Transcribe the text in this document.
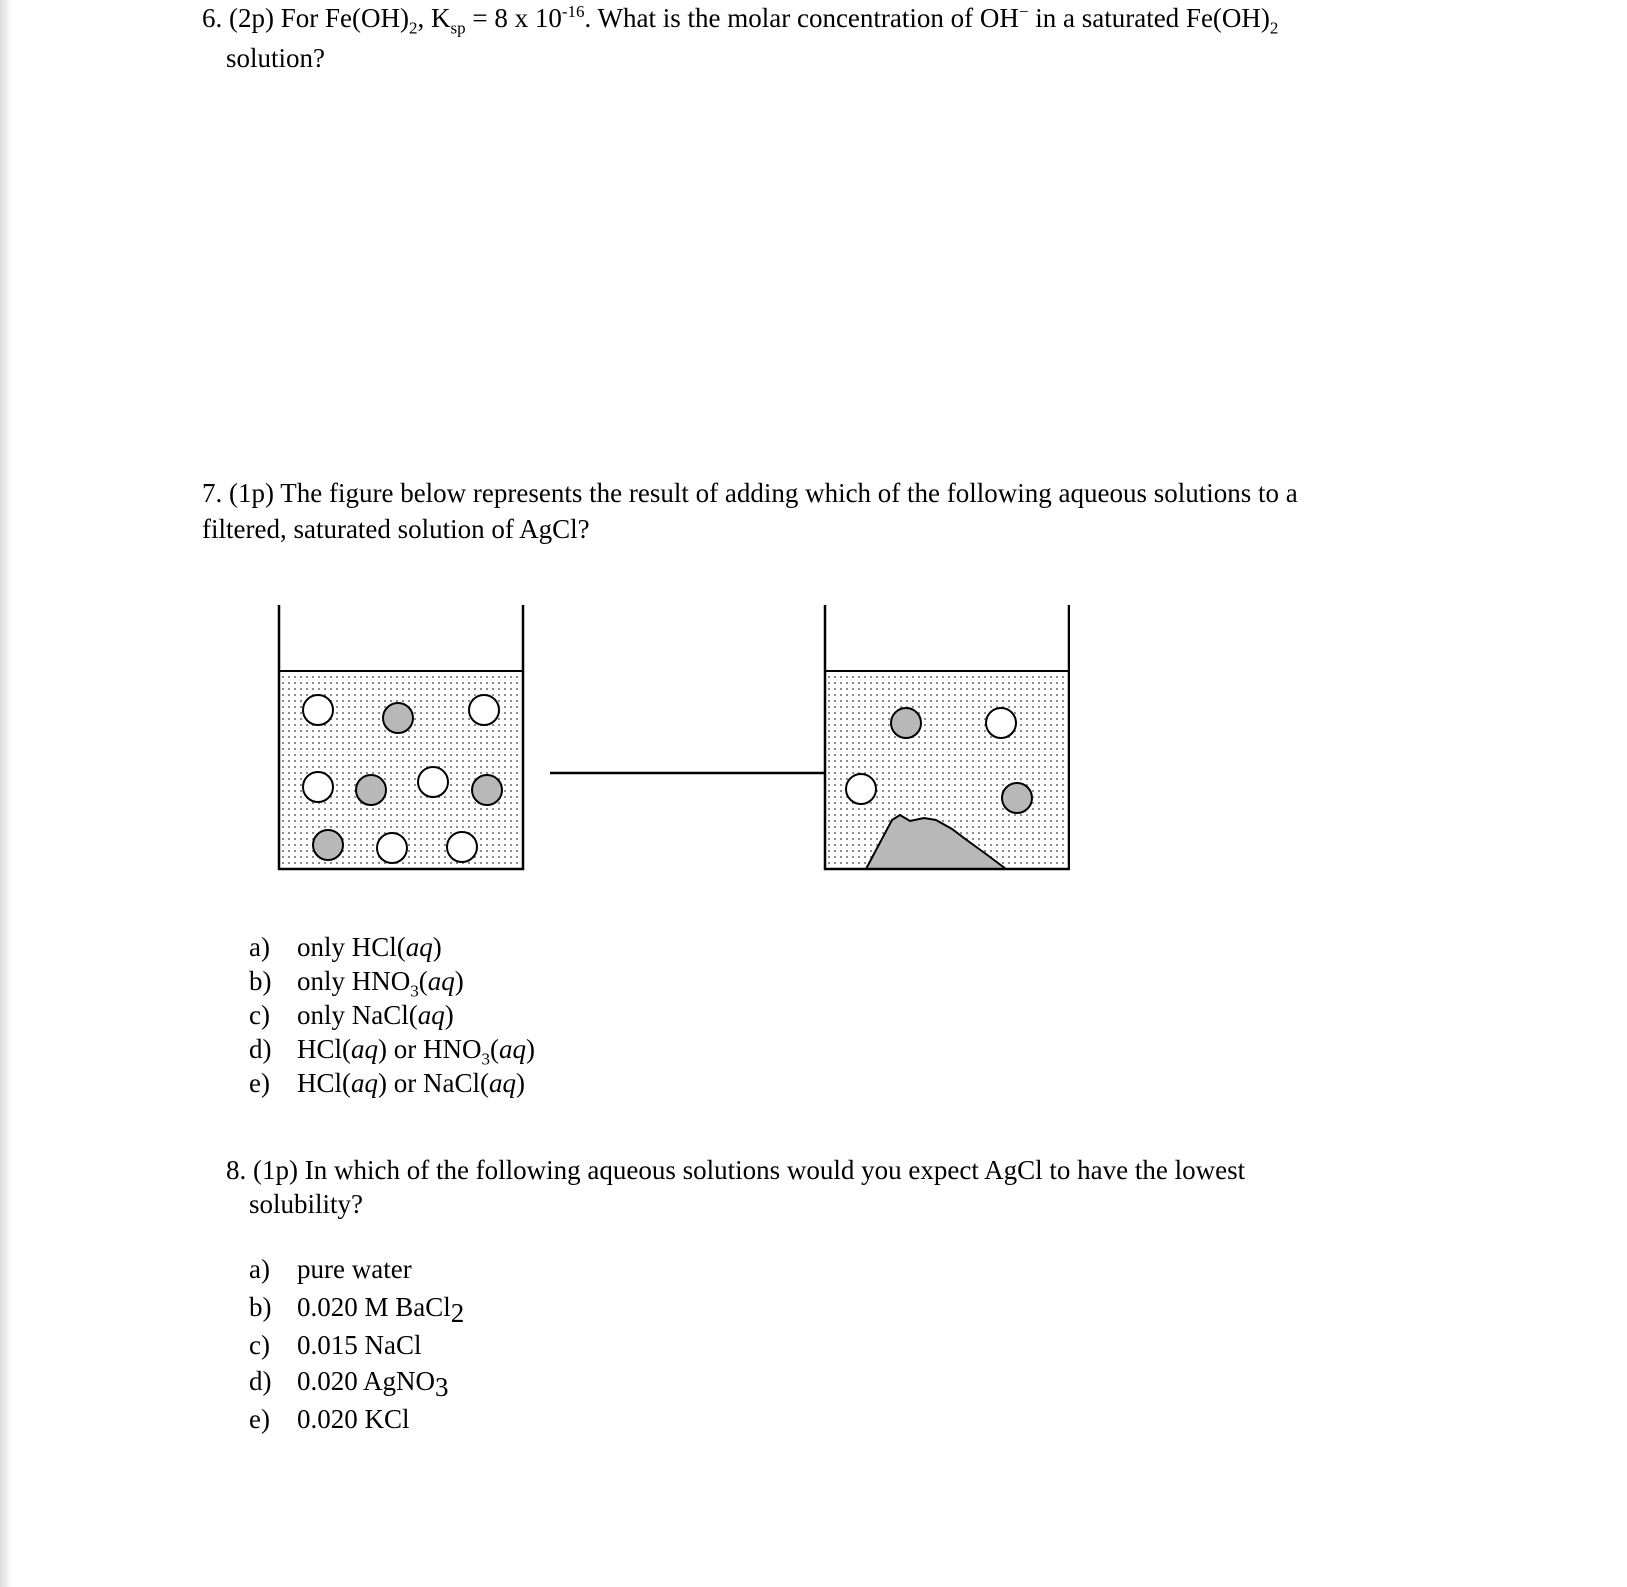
6. (2p) For $Fe(OH)_2$, $K_{sp} = 8$ x $10^{-16}$. What is the molar concentration of OH− in a saturated $Fe(OH)_2$
solution?
7. (1p) The figure below represents the result of adding which of the following aqueous solutions to a
filtered, saturated solution of AgCl?
a) only HCl(aq)
b) only $HNO_3(aq)$
c) only NaCl(aq)
d) HCl(aq) or $HNO_3(aq)$
e) HCl(aq) or NaCl(aq)
8. (1p) In which of the following aqueous solutions would you expect AgCl to have the lowest
solubility?
a) pure water
b) 0.020 M BaCl2
c) 0.015 NaCl
d) 0.020 AgNO3
e) 0.020 KCl
